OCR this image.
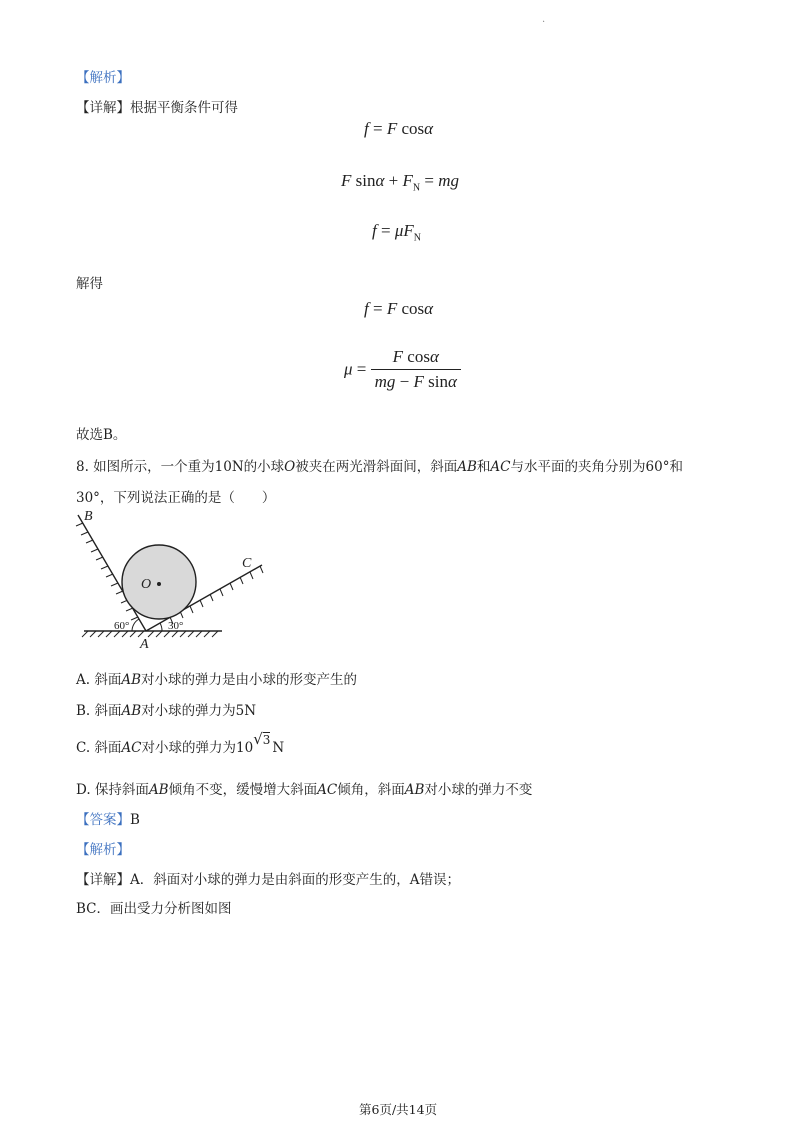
.
【解析】
【详解】根据平衡条件可得
f = F cosα
F $\sin\alpha + F_N$ = mg
$f = \mu F_N$
解得
f = F cosα
$\mu = \frac{\text{F cosα}}{\text{mg − F sinα}}$
故选B。
8. 如图所示，一个重为10N的小球O被夹在两光滑斜面间，斜面AB和AC与水平面的夹角分别为60°和
30°，下列说法正确的是（　　）
B
C
O
A
60°	30°
A. 斜面AB对小球的弹力是由小球的形变产生的
B. 斜面AB对小球的弹力为5N
C. 斜面AC对小球的弹力为10√3 N
D. 保持斜面AB倾角不变，缓慢增大斜面AC倾角，斜面AB对小球的弹力不变
【答案】B
【解析】
【详解】A．斜面对小球的弹力是由斜面的形变产生的，A错误；
BC．画出受力分析图如图
第6页/共14页
